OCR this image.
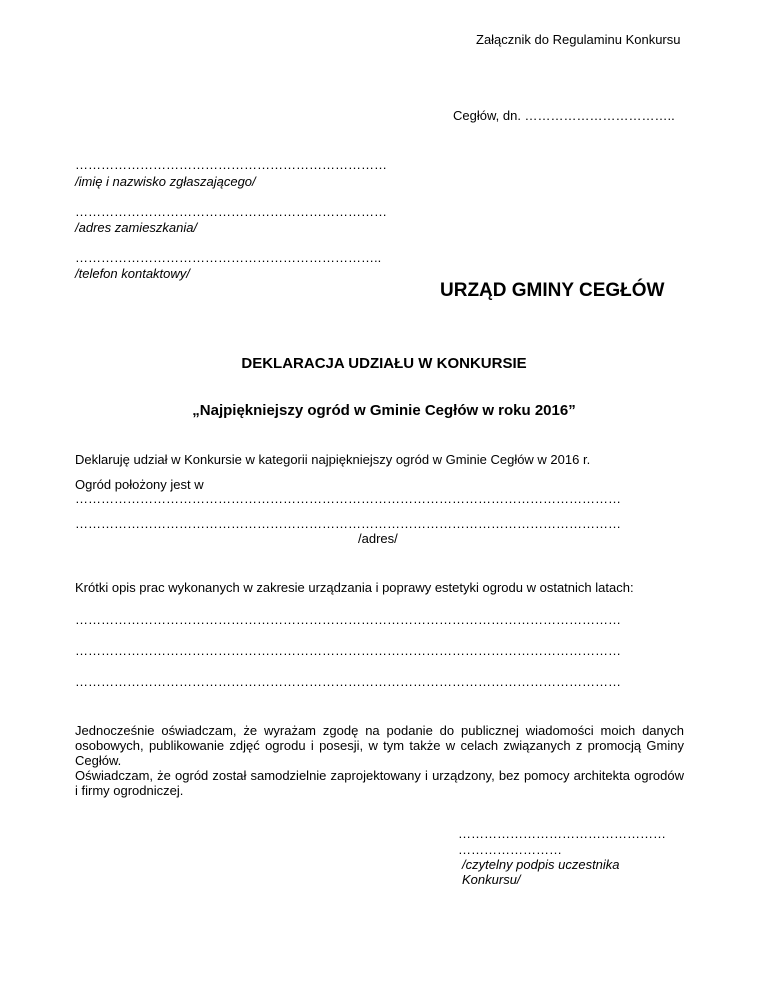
Załącznik do Regulaminu Konkursu
Cegłów, dn. ……………………………..
………………………………………………………………
/imię i nazwisko zgłaszającego/
………………………………………………………………
/adres zamieszkania/
……………………………………………………………..
/telefon kontaktowy/
URZĄD GMINY CEGŁÓW
DEKLARACJA UDZIAŁU W KONKURSIE
„Najpiękniejszy ogród w Gminie Cegłów w roku 2016”
Deklaruję udział w Konkursie w kategorii najpiękniejszy ogród w Gminie Cegłów w 2016 r.
Ogród położony jest w
………………………………………………………………………………………………………………
………………………………………………………………………………………………………………
/adres/
Krótki opis prac wykonanych w zakresie urządzania i poprawy estetyki ogrodu w ostatnich latach:
………………………………………………………………………………………………………………
………………………………………………………………………………………………………………
………………………………………………………………………………………………………………
Jednocześnie oświadczam, że wyrażam zgodę na podanie do publicznej wiadomości moich danych osobowych, publikowanie zdjęć ogrodu i posesji, w tym także w celach związanych z promocją Gminy Cegłów.
Oświadczam, że ogród został samodzielnie zaprojektowany i urządzony, bez pomocy architekta ogrodów i firmy ogrodniczej.
…………………………………………
……………………
/czytelny podpis uczestnika
Konkursu/
